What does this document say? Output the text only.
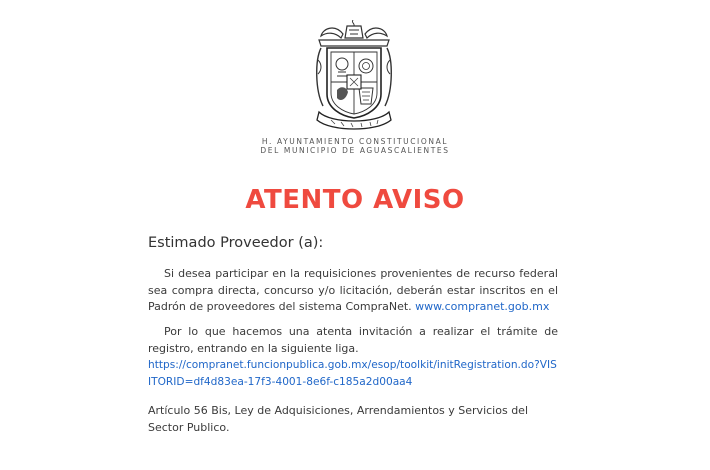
H. AYUNTAMIENTO CONSTITUCIONAL
DEL MUNICIPIO DE AGUASCALIENTES
ATENTO AVISO
Estimado Proveedor (a):
Si desea participar en la requisiciones provenientes de recurso federal sea compra directa, concurso y/o licitación, deberán estar inscritos en el Padrón de proveedores del sistema CompraNet. www.compranet.gob.mx
Por lo que hacemos una atenta invitación a realizar el trámite de registro, entrando en la siguiente liga.
https://compranet.funcionpublica.gob.mx/esop/toolkit/initRegistration.do?VISITORID=df4d83ea-17f3-4001-8e6f-c185a2d00aa4
Artículo 56 Bis, Ley de Adquisiciones, Arrendamientos y Servicios del Sector Publico.
